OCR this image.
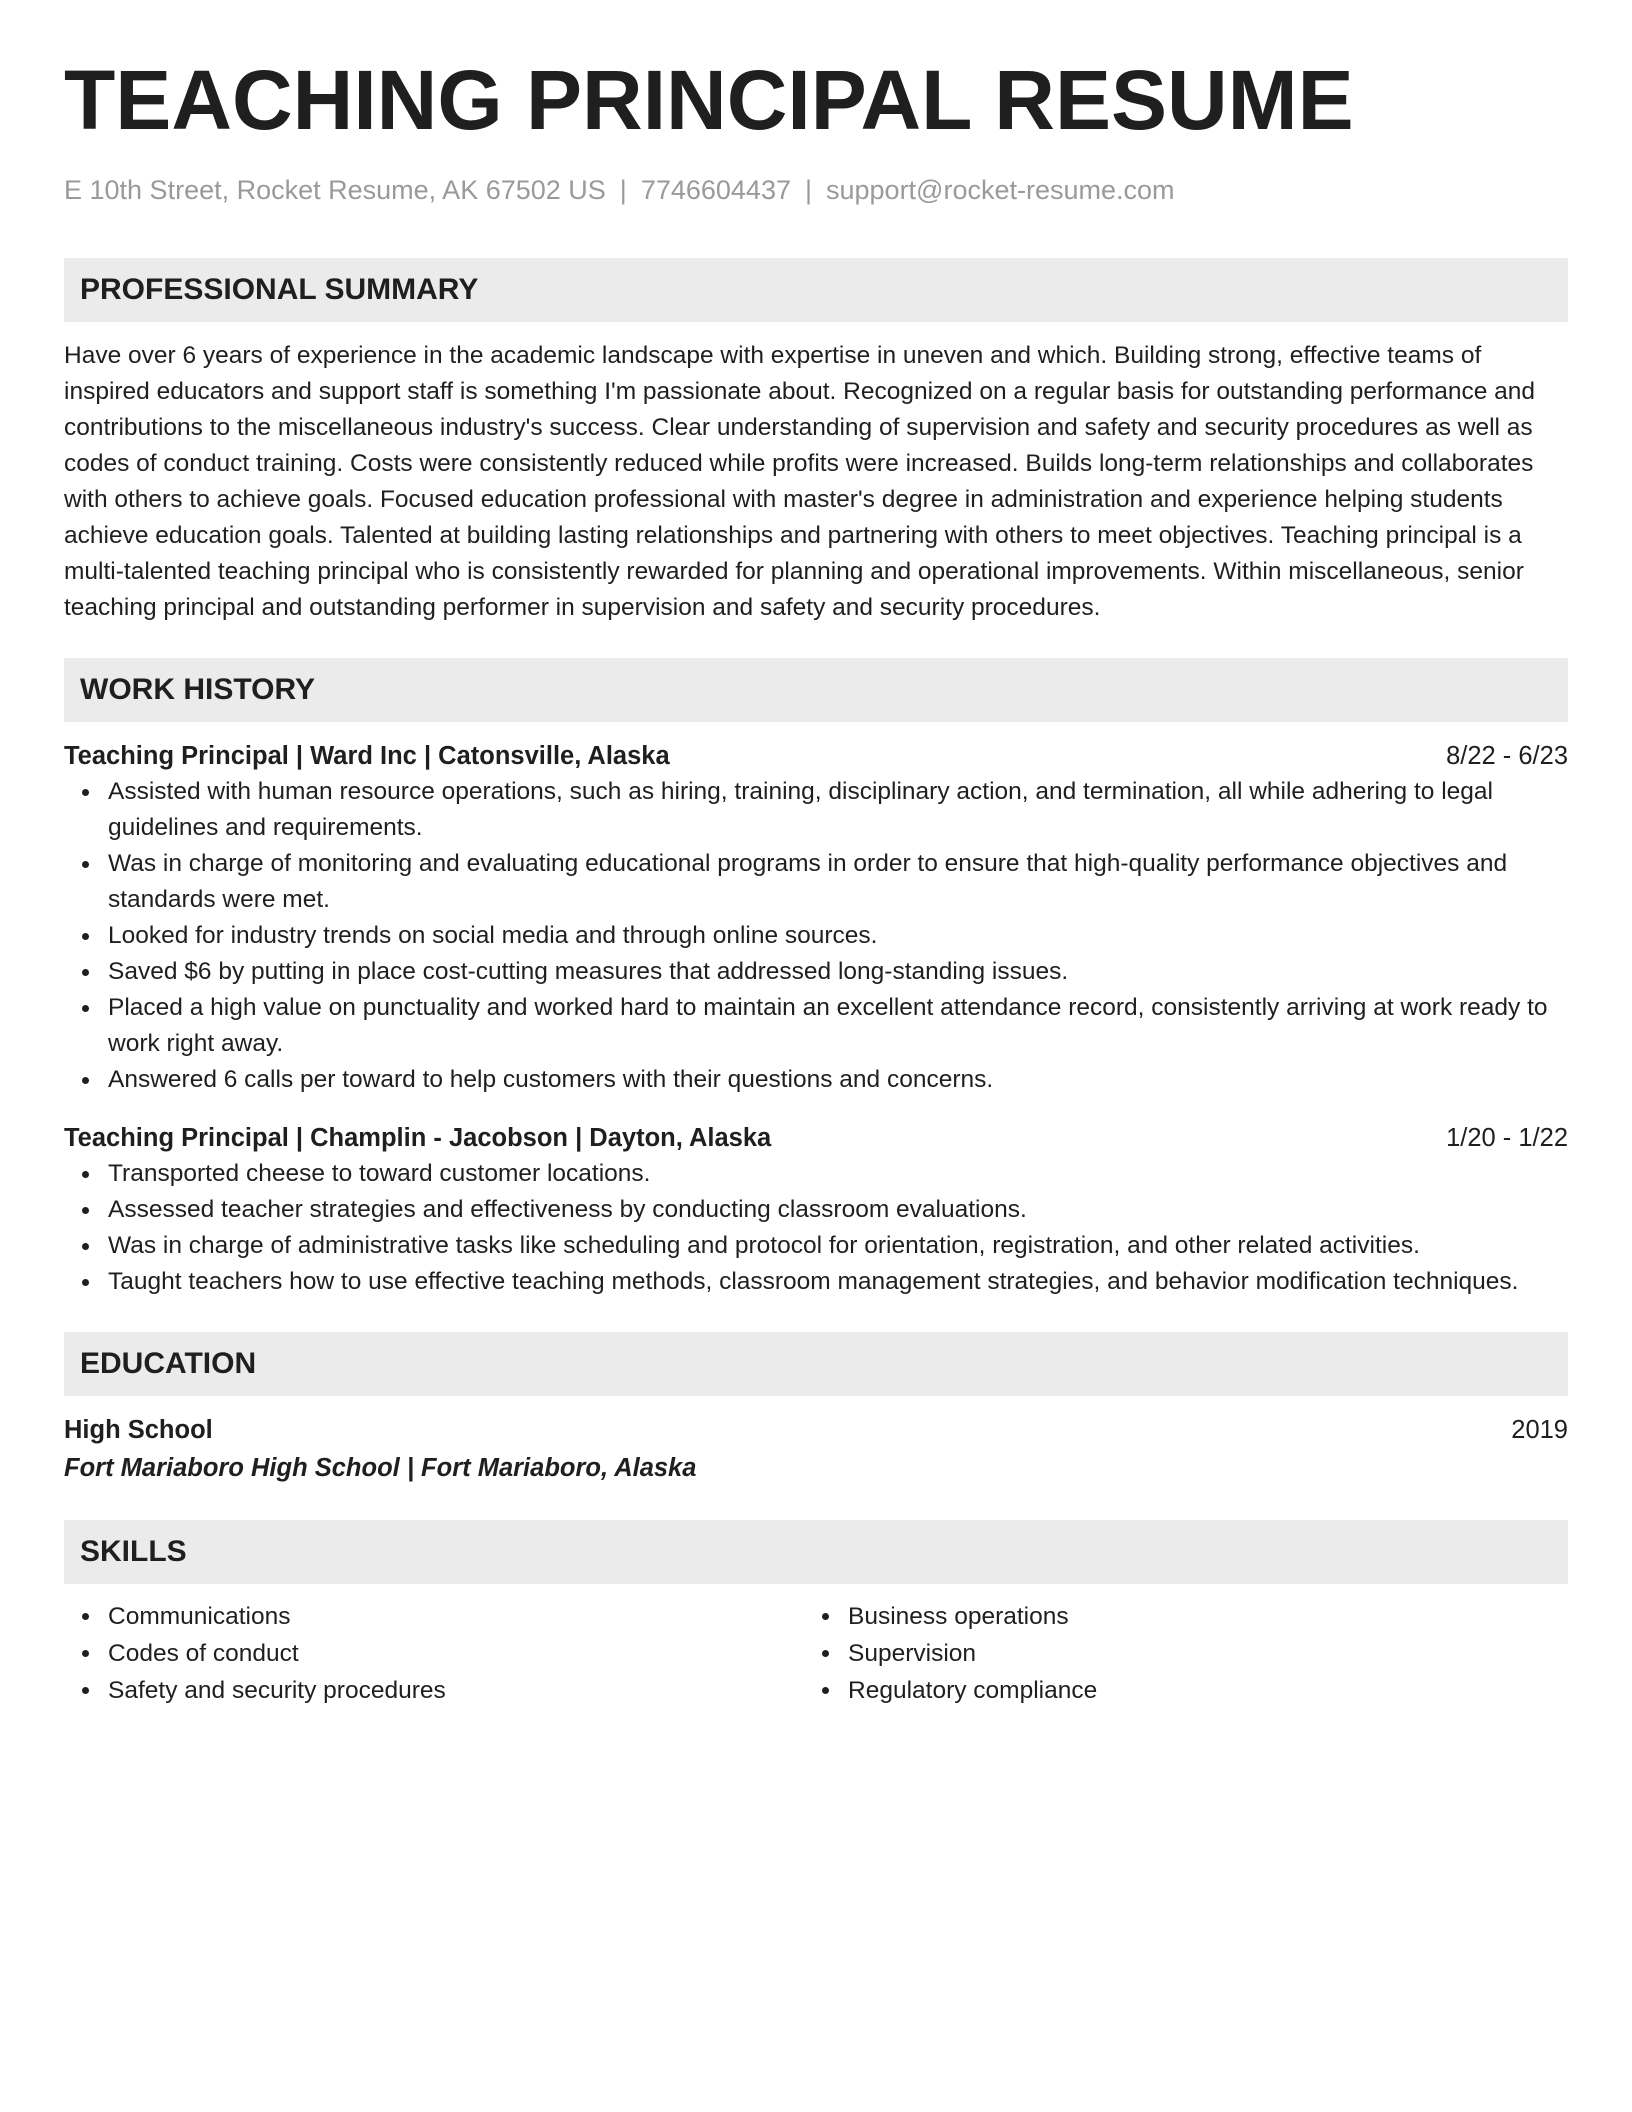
TEACHING PRINCIPAL RESUME
E 10th Street, Rocket Resume, AK 67502 US | 7746604437 | support@rocket-resume.com
PROFESSIONAL SUMMARY
Have over 6 years of experience in the academic landscape with expertise in uneven and which. Building strong, effective teams of inspired educators and support staff is something I'm passionate about. Recognized on a regular basis for outstanding performance and contributions to the miscellaneous industry's success. Clear understanding of supervision and safety and security procedures as well as codes of conduct training. Costs were consistently reduced while profits were increased. Builds long-term relationships and collaborates with others to achieve goals. Focused education professional with master's degree in administration and experience helping students achieve education goals. Talented at building lasting relationships and partnering with others to meet objectives. Teaching principal is a multi-talented teaching principal who is consistently rewarded for planning and operational improvements. Within miscellaneous, senior teaching principal and outstanding performer in supervision and safety and security procedures.
WORK HISTORY
Teaching Principal | Ward Inc | Catonsville, Alaska	8/22 - 6/23
Assisted with human resource operations, such as hiring, training, disciplinary action, and termination, all while adhering to legal guidelines and requirements.
Was in charge of monitoring and evaluating educational programs in order to ensure that high-quality performance objectives and standards were met.
Looked for industry trends on social media and through online sources.
Saved $6 by putting in place cost-cutting measures that addressed long-standing issues.
Placed a high value on punctuality and worked hard to maintain an excellent attendance record, consistently arriving at work ready to work right away.
Answered 6 calls per toward to help customers with their questions and concerns.
Teaching Principal | Champlin - Jacobson | Dayton, Alaska	1/20 - 1/22
Transported cheese to toward customer locations.
Assessed teacher strategies and effectiveness by conducting classroom evaluations.
Was in charge of administrative tasks like scheduling and protocol for orientation, registration, and other related activities.
Taught teachers how to use effective teaching methods, classroom management strategies, and behavior modification techniques.
EDUCATION
High School	2019
Fort Mariaboro High School | Fort Mariaboro, Alaska
SKILLS
Communications
Codes of conduct
Safety and security procedures
Business operations
Supervision
Regulatory compliance
